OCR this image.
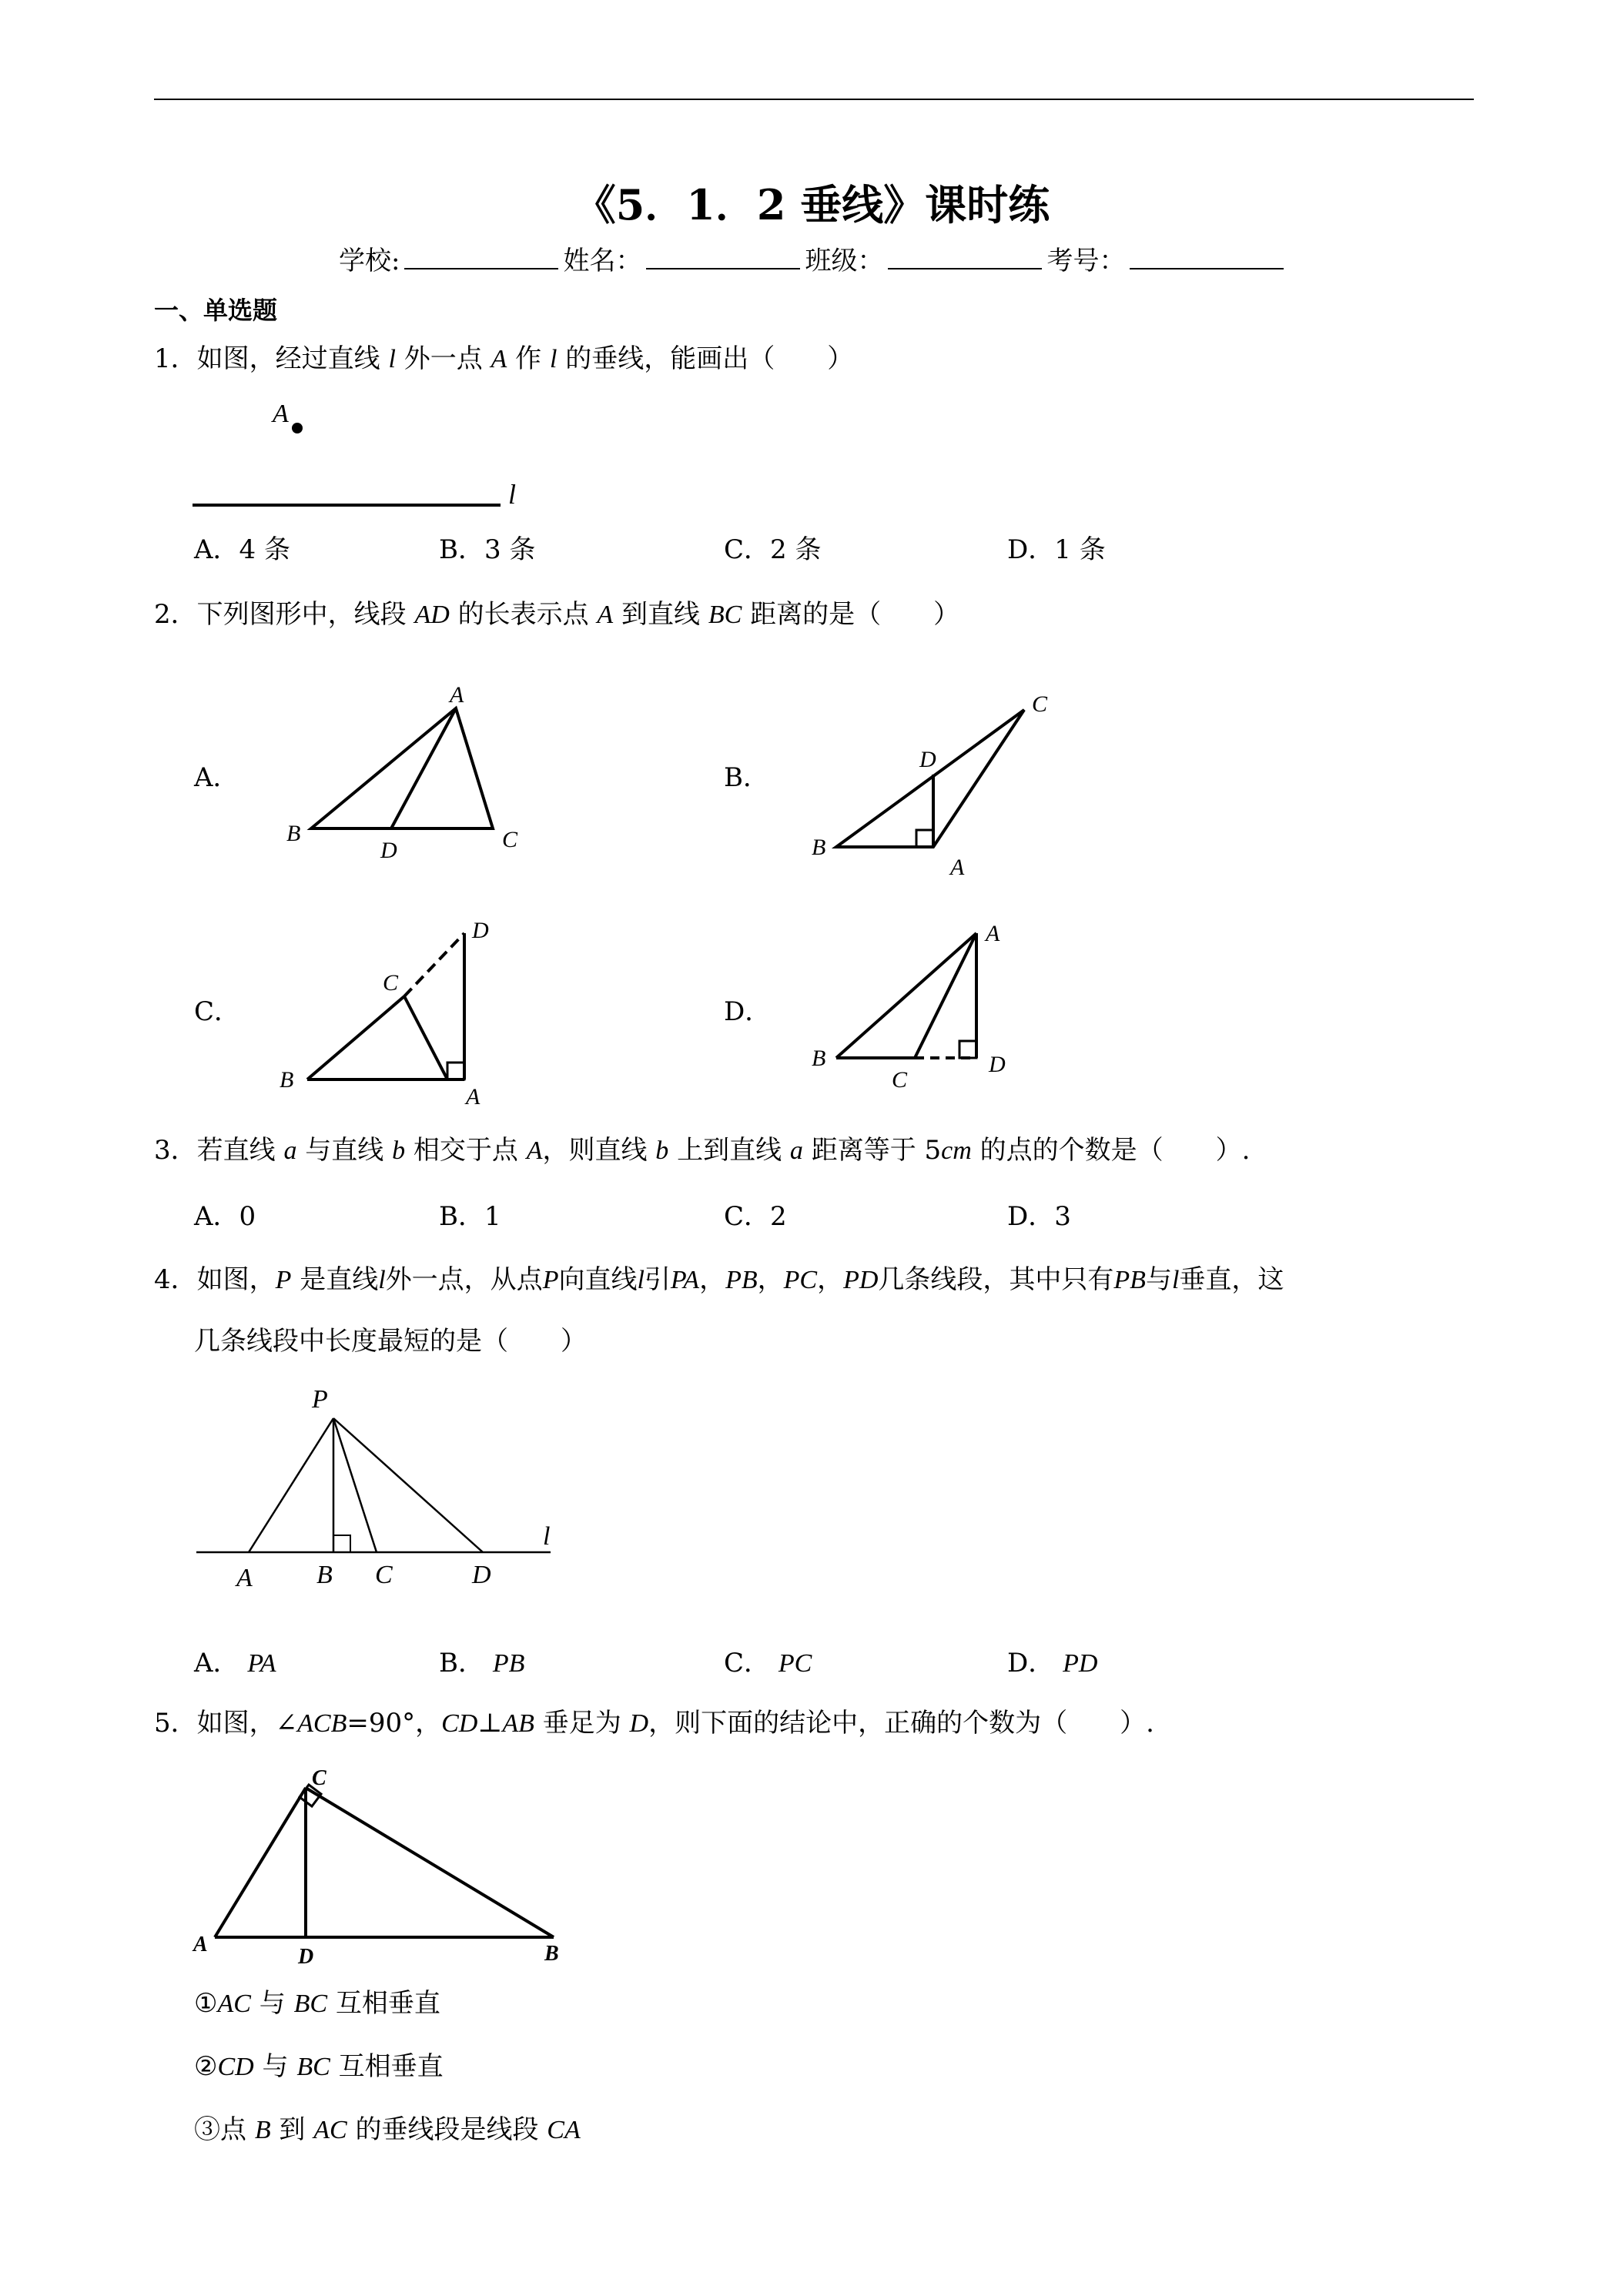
《5．1．2 垂线》课时练
学校:	姓名：	班级：	考号：
一、单选题
1．如图，经过直线 l 外一点 A 作 l 的垂线，能画出（　　）
A
l
A．4 条	B．3 条	C．2 条	D．1 条
2．下列图形中，线段 AD 的长表示点 A 到直线 BC 距离的是（　　）
A．	B．
C．	D．
A
B	C
D
C
D
B
A
D
C
B
A
A
B
C
D
3．若直线 a 与直线 b 相交于点 A，则直线 b 上到直线 a 距离等于 5cm 的点的个数是（　　）.
A．0	B．1	C．2	D．3
4．如图，P 是直线l外一点，从点P向直线l引PA，PB，PC，PD几条线段，其中只有PB与l垂直，这
几条线段中长度最短的是（　　）
P
A B C	D
l
A． PA	B． PB	C． PC	D． PD
5．如图，∠ACB=90°，CD⊥AB 垂足为 D，则下面的结论中，正确的个数为（　　）.
C
A
D	B
①AC 与 BC 互相垂直
②CD 与 BC 互相垂直
③点 B 到 AC 的垂线段是线段 CA
